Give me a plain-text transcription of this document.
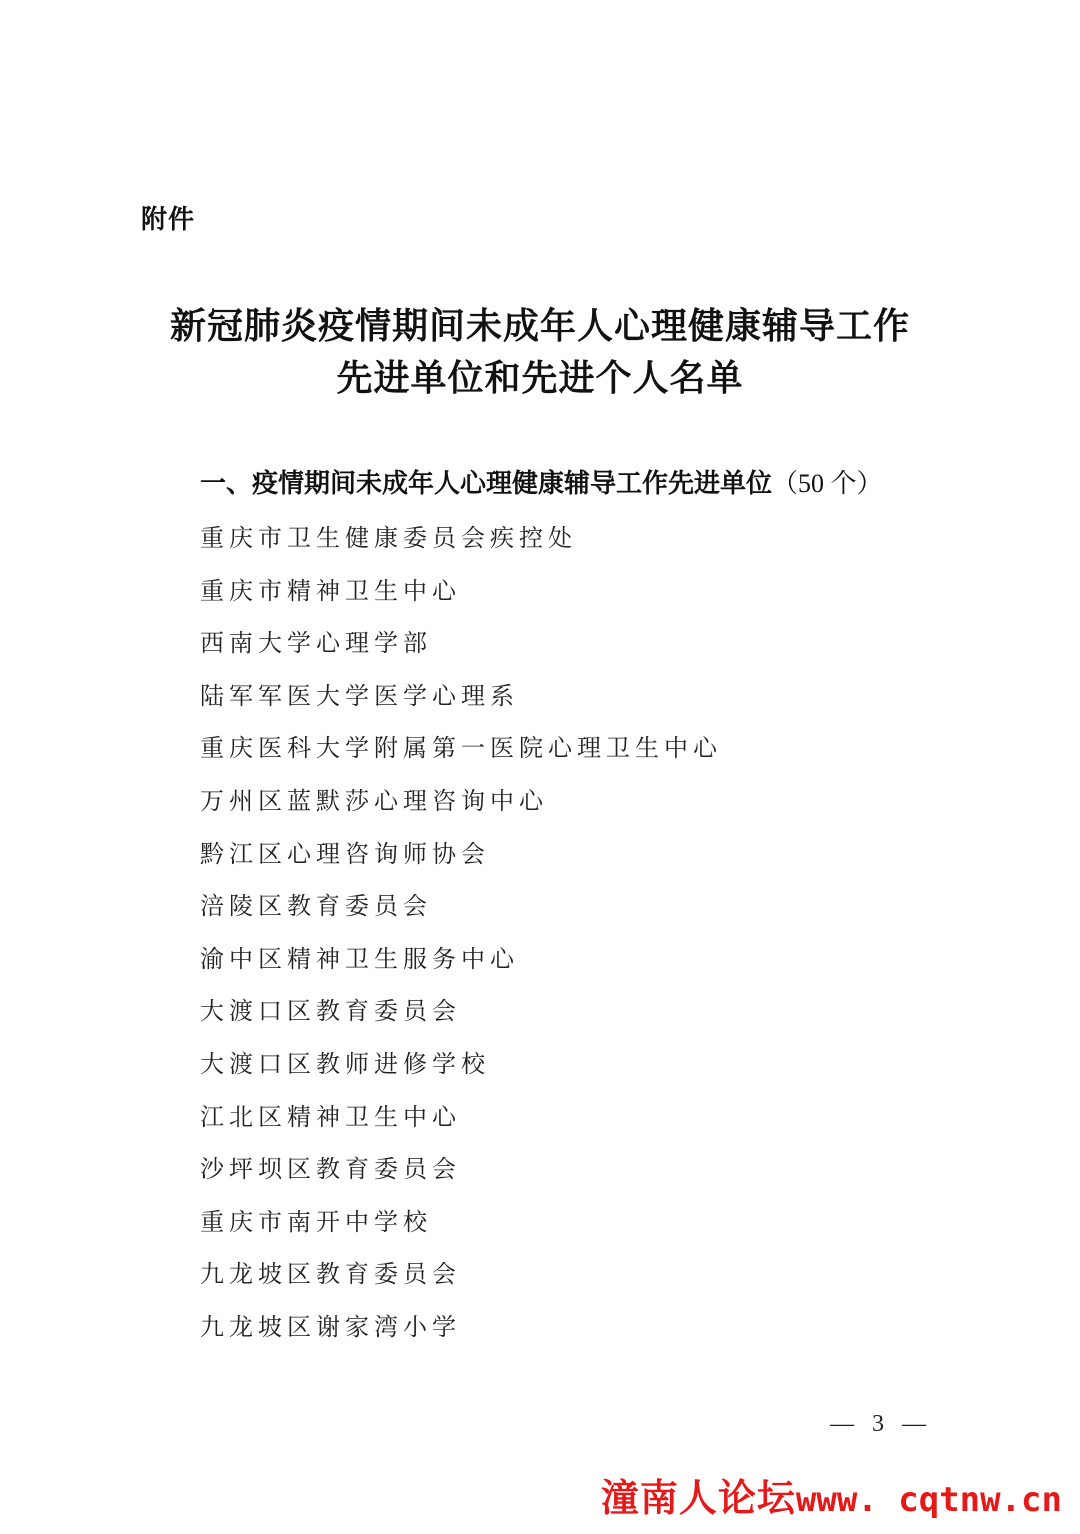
附件
新冠肺炎疫情期间未成年人心理健康辅导工作
先进单位和先进个人名单
一、疫情期间未成年人心理健康辅导工作先进单位（50 个）
重庆市卫生健康委员会疾控处
重庆市精神卫生中心
西南大学心理学部
陆军军医大学医学心理系
重庆医科大学附属第一医院心理卫生中心
万州区蓝默莎心理咨询中心
黔江区心理咨询师协会
涪陵区教育委员会
渝中区精神卫生服务中心
大渡口区教育委员会
大渡口区教师进修学校
江北区精神卫生中心
沙坪坝区教育委员会
重庆市南开中学校
九龙坡区教育委员会
九龙坡区谢家湾小学
— 3 —
潼南人论坛www. cqtnw.cn
